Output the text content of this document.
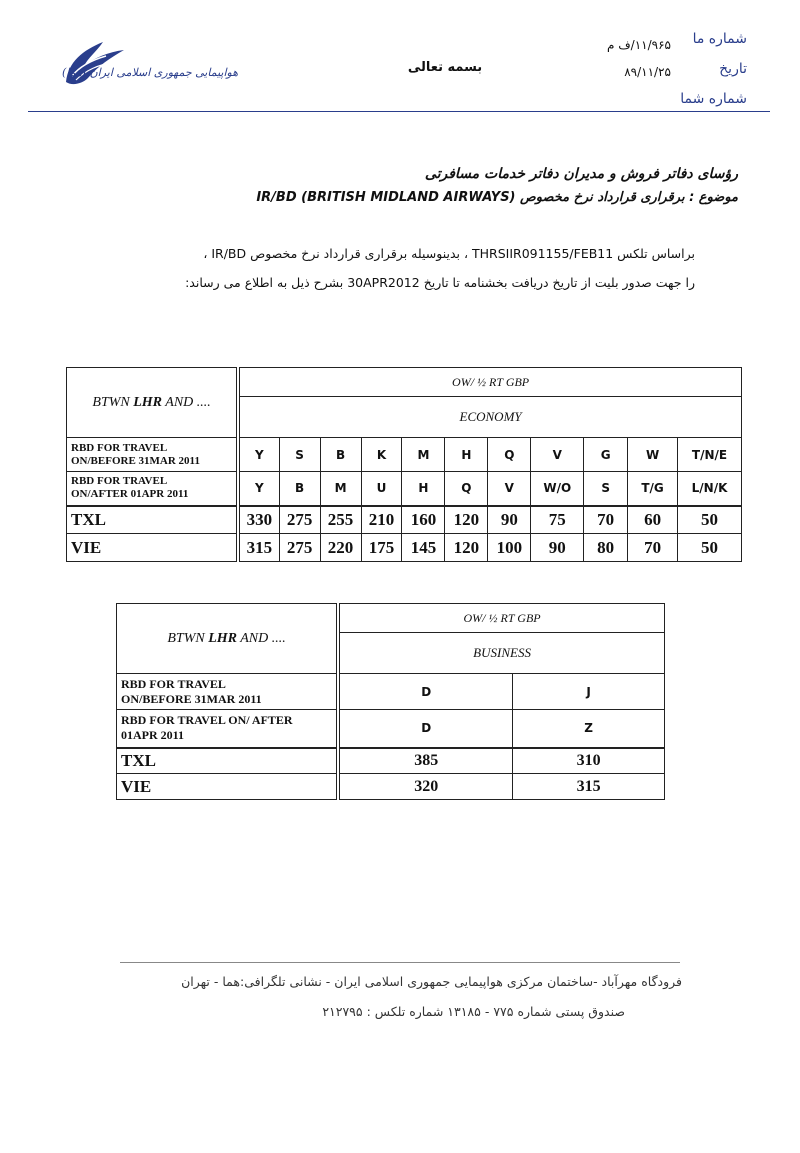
هواپیمایی جمهوری اسلامی ایران (هما)	بسمه تعالی
۱۱/۹۶۵/ف م
۸۹/۱۱/۲۵
شماره ما
تاریخ
شماره شما
رؤسای دفاتر فروش و مدیران دفاتر خدمات مسافرتی
موضوع : برقراری قرارداد نرخ مخصوص IR/BD (BRITISH MIDLAND AIRWAYS)
براساس تلکس THRSIIR091155/FEB11 ، بدینوسیله برقراری قرارداد نرخ مخصوص IR/BD ،
را جهت صدور بلیت از تاریخ دریافت بخشنامه تا تاریخ 30APR2012 بشرح ذیل به اطلاع می رساند:
BTWN LHR AND ....	OW/ ½ RT GBP										
	ECONOMY										

RBD FOR TRAVEL
ON/BEFORE 31MAR 2011	Y	S	B	K	M	H	Q	V	G	W	T/N/E

RBD FOR TRAVEL
ON/AFTER 01APR 2011	Y	B	M	U	H	Q	V	W/O	S	T/G	L/N/K
TXL	330	275	255	210	160	120	90	75	70	60	50
VIE	315	275	220	175	145	120	100	90	80	70	50
BTWN LHR AND ....	OW/ ½ RT GBP	
	BUSINESS	

RBD FOR TRAVEL
ON/BEFORE 31MAR 2011	D	J

RBD FOR TRAVEL ON/ AFTER
01APR 2011	D	Z
TXL	385	310
VIE	320	315
فرودگاه مهرآباد -ساختمان مرکزی هواپیمایی جمهوری اسلامی ایران - نشانی تلگرافی:هما - تهران
صندوق پستی شماره ۷۷۵ - ۱۳۱۸۵ شماره تلکس : ۲۱۲۷۹۵
